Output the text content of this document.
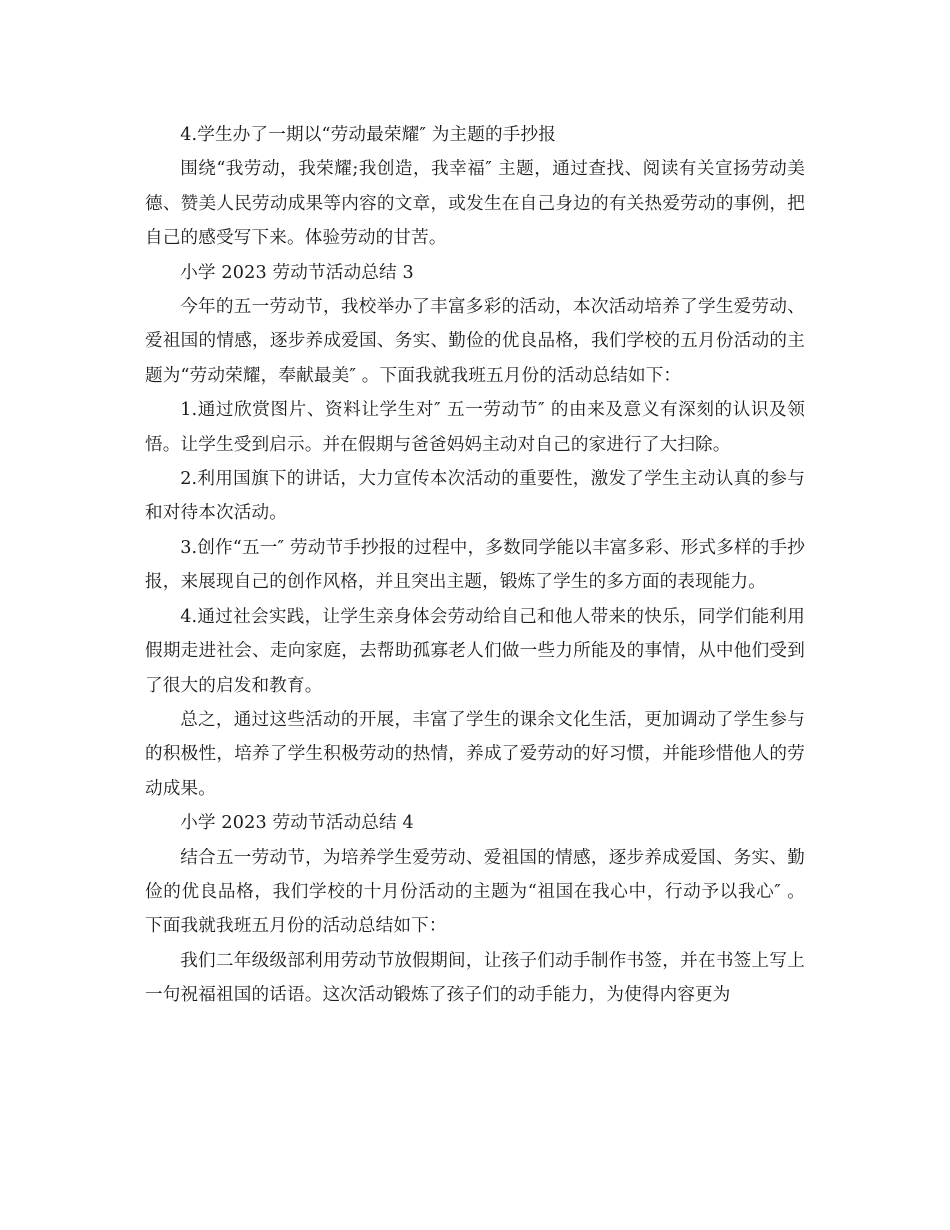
4.学生办了一期以“劳动最荣耀″ 为主题的手抄报

围绕“我劳动，我荣耀;我创造，我幸福″ 主题，通过查找、阅读有关宣扬劳动美德、赞美人民劳动成果等内容的文章，或发生在自己身边的有关热爱劳动的事例，把自己的感受写下来。体验劳动的甘苦。

小学 2023 劳动节活动总结 3

今年的五一劳动节，我校举办了丰富多彩的活动，本次活动培养了学生爱劳动、爱祖国的情感，逐步养成爱国、务实、勤俭的优良品格，我们学校的五月份活动的主题为“劳动荣耀，奉献最美″ 。下面我就我班五月份的活动总结如下：

1.通过欣赏图片、资料让学生对″ 五一劳动节″ 的由来及意义有深刻的认识及领悟。让学生受到启示。并在假期与爸爸妈妈主动对自己的家进行了大扫除。

2.利用国旗下的讲话，大力宣传本次活动的重要性，激发了学生主动认真的参与和对待本次活动。

3.创作“五一″ 劳动节手抄报的过程中，多数同学能以丰富多彩、形式多样的手抄报，来展现自己的创作风格，并且突出主题，锻炼了学生的多方面的表现能力。

4.通过社会实践，让学生亲身体会劳动给自己和他人带来的快乐，同学们能利用假期走进社会、走向家庭，去帮助孤寡老人们做一些力所能及的事情，从中他们受到了很大的启发和教育。

总之，通过这些活动的开展，丰富了学生的课余文化生活，更加调动了学生参与的积极性，培养了学生积极劳动的热情，养成了爱劳动的好习惯，并能珍惜他人的劳动成果。

小学 2023 劳动节活动总结 4

结合五一劳动节，为培养学生爱劳动、爱祖国的情感，逐步养成爱国、务实、勤俭的优良品格，我们学校的十月份活动的主题为“祖国在我心中，行动予以我心″ 。下面我就我班五月份的活动总结如下：

我们二年级级部利用劳动节放假期间，让孩子们动手制作书签，并在书签上写上一句祝福祖国的话语。这次活动锻炼了孩子们的动手能力，为使得内容更为
